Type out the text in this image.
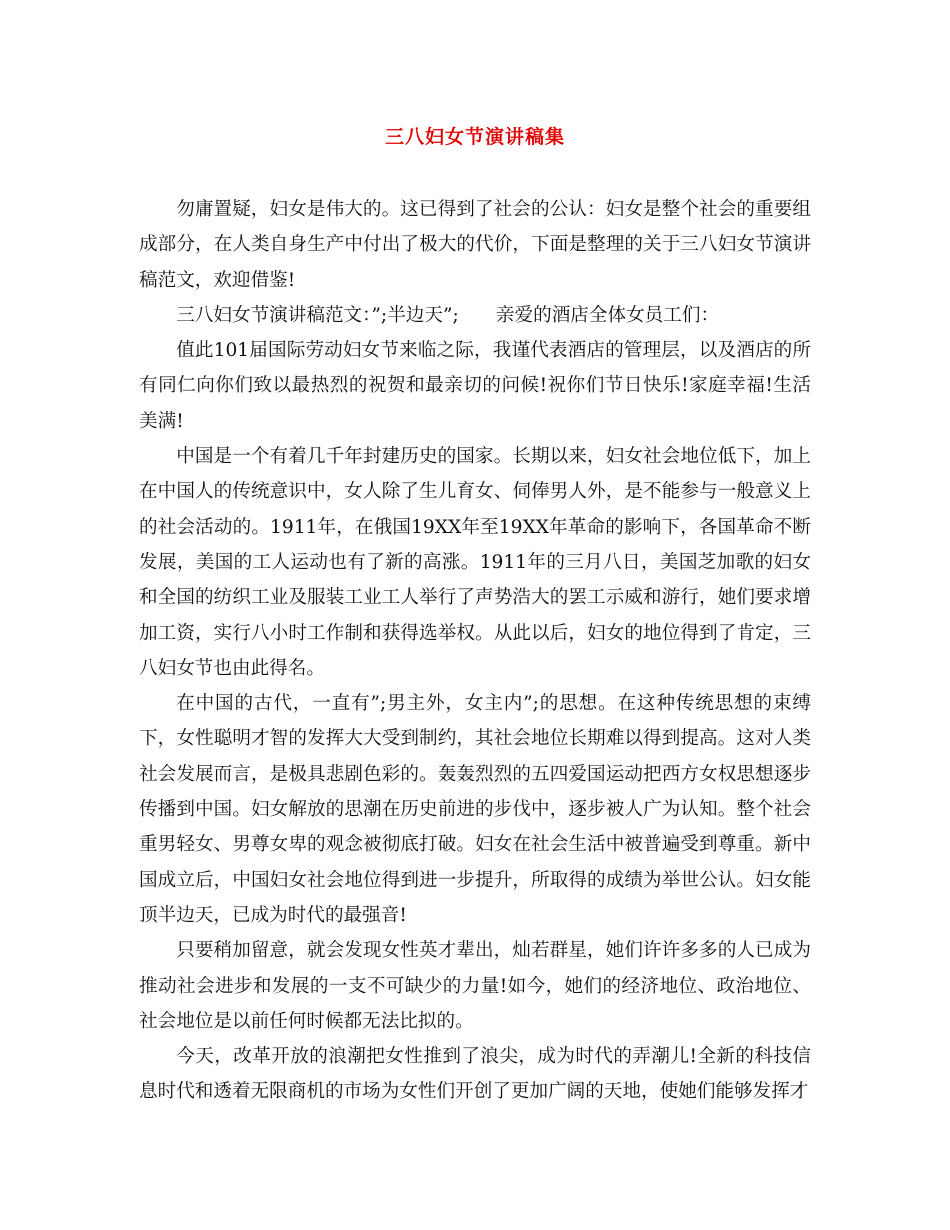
三八妇女节演讲稿集

勿庸置疑，妇女是伟大的。这已得到了社会的公认：妇女是整个社会的重要组成部分，在人类自身生产中付出了极大的代价，下面是整理的关于三八妇女节演讲稿范文，欢迎借鉴!

三八妇女节演讲稿范文：”;半边天”;　　亲爱的酒店全体女员工们：

值此101届国际劳动妇女节来临之际，我谨代表酒店的管理层，以及酒店的所有同仁向你们致以最热烈的祝贺和最亲切的问候!祝你们节日快乐!家庭幸福!生活美满!

中国是一个有着几千年封建历史的国家。长期以来，妇女社会地位低下，加上在中国人的传统意识中，女人除了生儿育女、伺俸男人外，是不能参与一般意义上的社会活动的。1911年，在俄国19XX年至19XX年革命的影响下，各国革命不断发展，美国的工人运动也有了新的高涨。1911年的三月八日，美国芝加歌的妇女和全国的纺织工业及服装工业工人举行了声势浩大的罢工示威和游行，她们要求增加工资，实行八小时工作制和获得选举权。从此以后，妇女的地位得到了肯定，三八妇女节也由此得名。

在中国的古代，一直有”;男主外，女主内”;的思想。在这种传统思想的束缚下，女性聪明才智的发挥大大受到制约，其社会地位长期难以得到提高。这对人类社会发展而言，是极具悲剧色彩的。轰轰烈烈的五四爱国运动把西方女权思想逐步传播到中国。妇女解放的思潮在历史前进的步伐中，逐步被人广为认知。整个社会重男轻女、男尊女卑的观念被彻底打破。妇女在社会生活中被普遍受到尊重。新中国成立后，中国妇女社会地位得到进一步提升，所取得的成绩为举世公认。妇女能顶半边天，已成为时代的最强音!

只要稍加留意，就会发现女性英才辈出，灿若群星，她们许许多多的人已成为推动社会进步和发展的一支不可缺少的力量!如今，她们的经济地位、政治地位、社会地位是以前任何时候都无法比拟的。

今天，改革开放的浪潮把女性推到了浪尖，成为时代的弄潮儿!全新的科技信息时代和透着无限商机的市场为女性们开创了更加广阔的天地，使她们能够发挥才
